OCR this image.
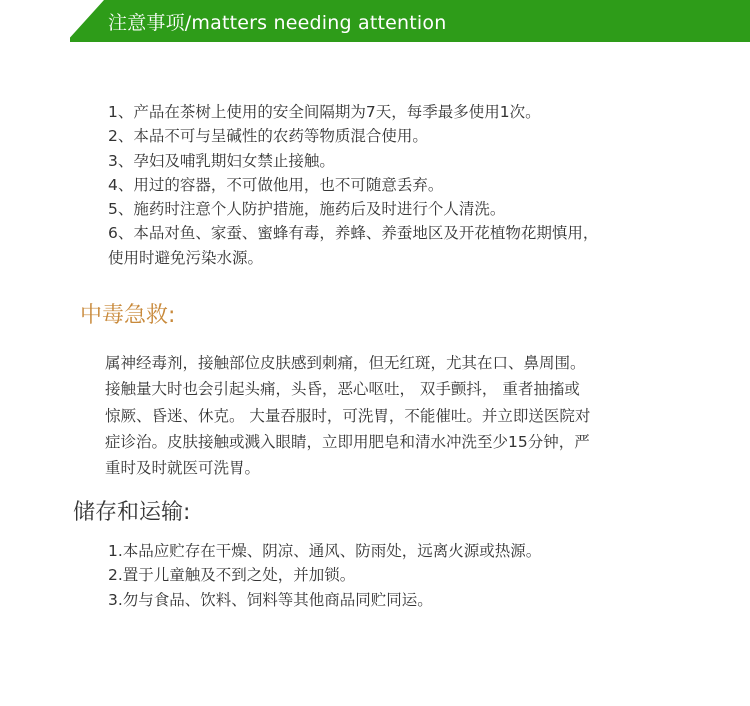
注意事项/matters needing attention
1、产品在茶树上使用的安全间隔期为7天，每季最多使用1次。
2、本品不可与呈碱性的农药等物质混合使用。
3、孕妇及哺乳期妇女禁止接触。
4、用过的容器，不可做他用，也不可随意丢弃。
5、施药时注意个人防护措施，施药后及时进行个人清洗。
6、本品对鱼、家蚕、蜜蜂有毒，养蜂、养蚕地区及开花植物花期慎用，
使用时避免污染水源。
中毒急救:
属神经毒剂，接触部位皮肤感到刺痛，但无红斑，尤其在口、鼻周围。
接触量大时也会引起头痛，头昏，恶心呕吐， 双手颤抖， 重者抽搐或
惊厥、昏迷、休克。 大量吞服时，可洗胃，不能催吐。并立即送医院对
症诊治。皮肤接触或溅入眼睛，立即用肥皂和清水冲洗至少15分钟，严
重时及时就医可洗胃。
储存和运输:
1.本品应贮存在干燥、阴凉、通风、防雨处，远离火源或热源。
2.置于儿童触及不到之处，并加锁。
3.勿与食品、饮料、饲料等其他商品同贮同运。
